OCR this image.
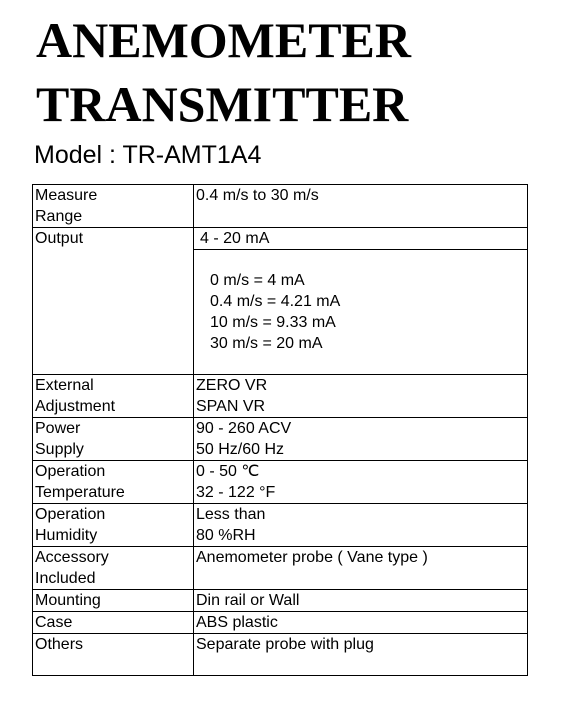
ANEMOMETER
TRANSMITTER
Model : TR-AMT1A4
Measure
Range	0.4 m/s to 30 m/s

Output	4 - 20 mA

	0 m/s = 4 mA
0.4 m/s = 4.21 mA
10 m/s = 9.33 mA
30 m/s = 20 mA

External
Adjustment	ZERO VR
SPAN VR

Power
Supply	90 - 260 ACV
50 Hz/60 Hz

Operation
Temperature	0 - 50 ℃
32 - 122 °F

Operation
Humidity	Less than
80 %RH

Accessory
Included	Anemometer probe ( Vane type )

Mounting	Din rail or Wall
Case	ABS plastic
Others	Separate probe with plug
